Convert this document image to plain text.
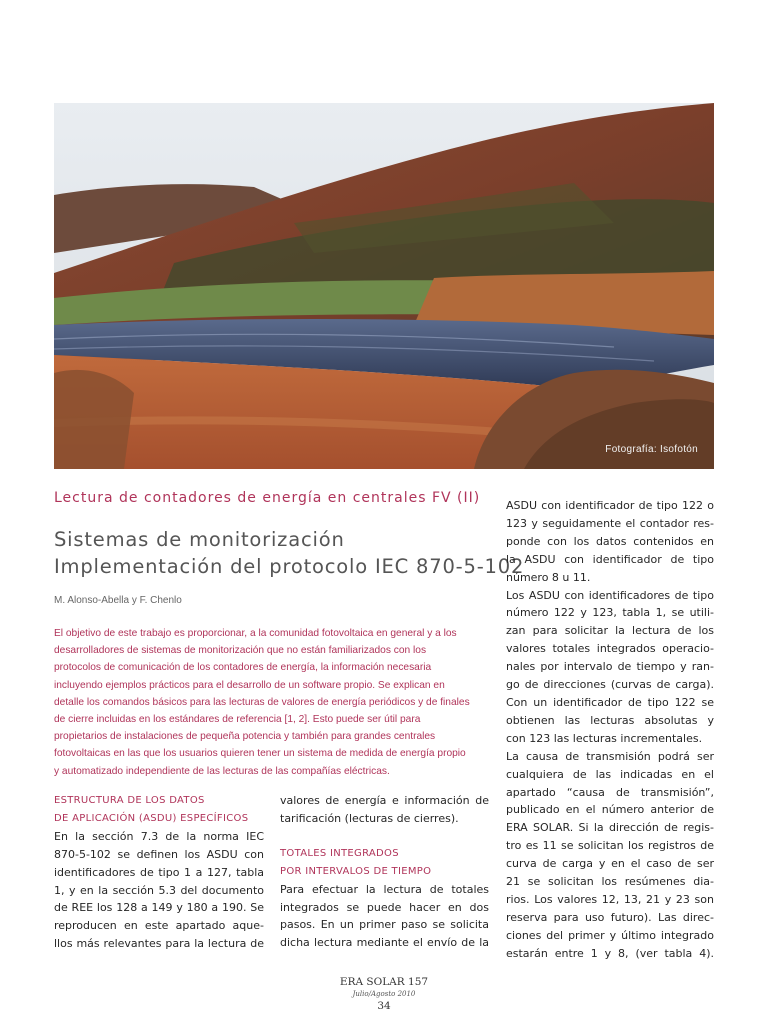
Fotografía: Isofotón
Lectura de contadores de energía en centrales FV (II)
Sistemas de monitorización
Implementación del protocolo IEC 870-5-102
M. Alonso-Abella y F. Chenlo
El objetivo de este trabajo es proporcionar, a la comunidad fotovoltaica en general y a los
desarrolladores de sistemas de monitorización que no están familiarizados con los
protocolos de comunicación de los contadores de energía, la información necesaria
incluyendo ejemplos prácticos para el desarrollo de un software propio. Se explican en
detalle los comandos básicos para las lecturas de valores de energía periódicos y de finales
de cierre incluidas en los estándares de referencia [1, 2]. Esto puede ser útil para
propietarios de instalaciones de pequeña potencia y también para grandes centrales
fotovoltaicas en las que los usuarios quieren tener un sistema de medida de energía propio
y automatizado independiente de las lecturas de las compañías eléctricas.
ESTRUCTURA DE LOS DATOS
DE APLICACIÓN (ASDU) ESPECÍFICOS
En la sección 7.3 de la norma IEC
870-5-102 se definen los ASDU con
identificadores de tipo 1 a 127, tabla
1, y en la sección 5.3 del documento
de REE los 128 a 149 y 180 a 190. Se
reproducen en este apartado aque-
llos más relevantes para la lectura de
valores de energía e información de
tarificación (lecturas de cierres).
TOTALES INTEGRADOS
POR INTERVALOS DE TIEMPO
Para efectuar la lectura de totales
integrados se puede hacer en dos
pasos. En un primer paso se solicita
dicha lectura mediante el envío de la
ASDU con identificador de tipo 122 o
123 y seguidamente el contador res-
ponde con los datos contenidos en
la ASDU con identificador de tipo
número 8 u 11.
Los ASDU con identificadores de tipo
número 122 y 123, tabla 1, se utili-
zan para solicitar la lectura de los
valores totales integrados operacio-
nales por intervalo de tiempo y ran-
go de direcciones (curvas de carga).
Con un identificador de tipo 122 se
obtienen las lecturas absolutas y
con 123 las lecturas incrementales.
La causa de transmisión podrá ser
cualquiera de las indicadas en el
apartado “causa de transmisión”,
publicado en el número anterior de
ERA SOLAR. Si la dirección de regis-
tro es 11 se solicitan los registros de
curva de carga y en el caso de ser
21 se solicitan los resúmenes dia-
rios. Los valores 12, 13, 21 y 23 son
reserva para uso futuro). Las direc-
ciones del primer y último integrado
estarán entre 1 y 8, (ver tabla 4).
ERA SOLAR 157
Julio/Agosto 2010
34
